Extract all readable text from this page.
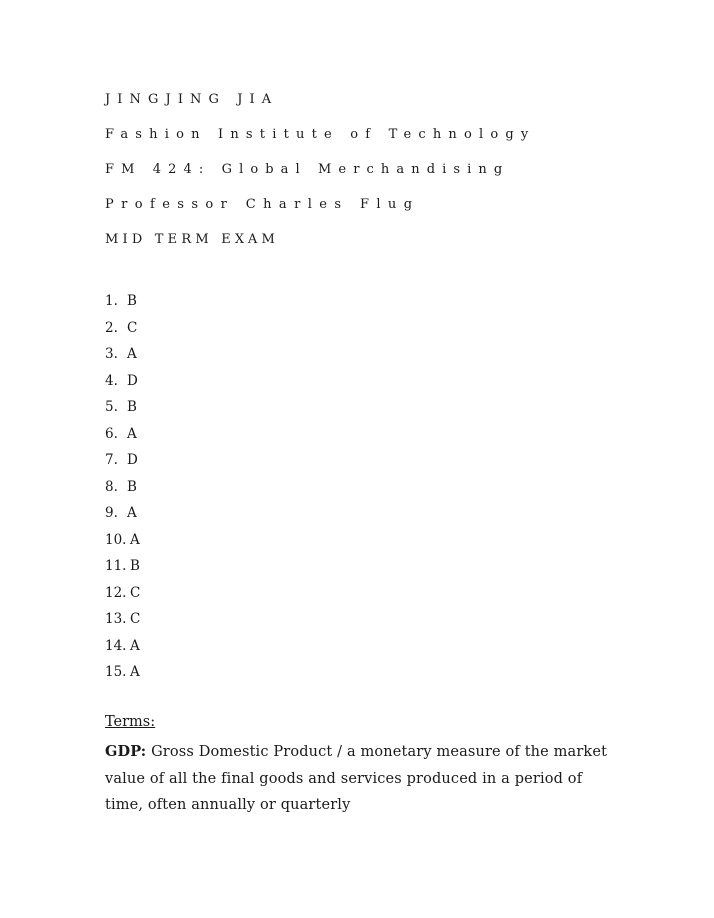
JINGJING JIA
Fashion Institute of Technology
FM 424: Global Merchandising
Professor Charles Flug
MID TERM EXAM
1. B
2. C
3. A
4. D
5. B
6. A
7. D
8. B
9. A
10. A
11. B
12. C
13. C
14. A
15. A
Terms:
GDP: Gross Domestic Product / a monetary measure of the market value of all the final goods and services produced in a period of time, often annually or quarterly
